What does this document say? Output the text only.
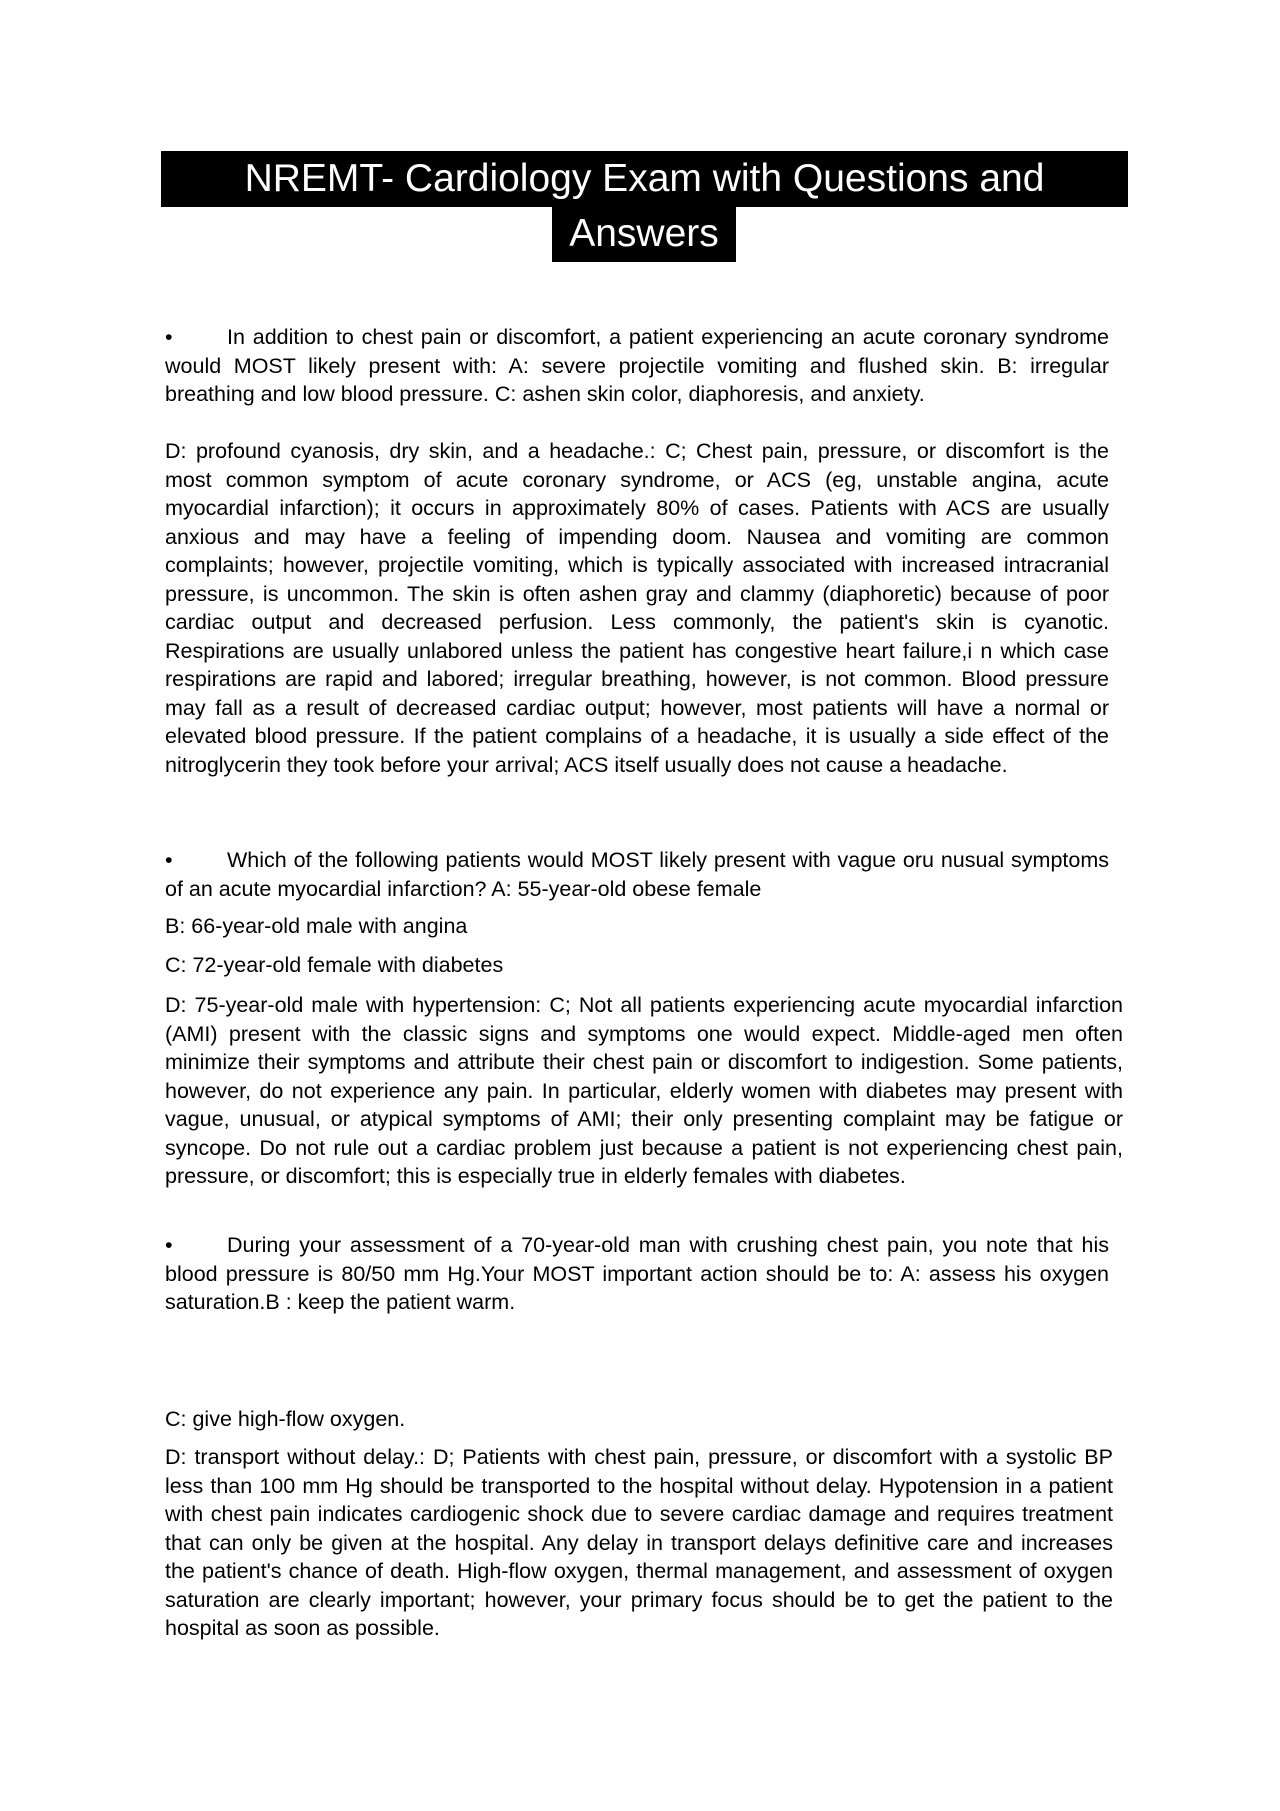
NREMT- Cardiology Exam with Questions and
Answers

•	In addition to chest pain or discomfort, a patient experiencing an acute coronary syndrome would MOST likely present with: A: severe projectile vomiting and flushed skin. B: irregular breathing and low blood pressure. C: ashen skin color, diaphoresis, and anxiety.

D: profound cyanosis, dry skin, and a headache.: C; Chest pain, pressure, or discomfort is the most common symptom of acute coronary syndrome, or ACS (eg, unstable angina, acute myocardial infarction); it occurs in approximately 80% of cases. Patients with ACS are usually anxious and may have a feeling of impending doom. Nausea and vomiting are common complaints; however, projectile vomiting, which is typically associated with increased intracranial pressure, is uncommon. The skin is often ashen gray and clammy (diaphoretic) because of poor cardiac output and decreased perfusion. Less commonly, the patient's skin is cyanotic. Respirations are usually unlabored unless the patient has congestive heart failure,i n which case respirations are rapid and labored; irregular breathing, however, is not common. Blood pressure may fall as a result of decreased cardiac output; however, most patients will have a normal or elevated blood pressure. If the patient complains of a headache, it is usually a side effect of the nitroglycerin they took before your arrival; ACS itself usually does not cause a headache.

•	Which of the following patients would MOST likely present with vague oru nusual symptoms of an acute myocardial infarction? A: 55-year-old obese female

B: 66-year-old male with angina

C: 72-year-old female with diabetes

D: 75-year-old male with hypertension: C; Not all patients experiencing acute myocardial infarction (AMI) present with the classic signs and symptoms one would expect. Middle-aged men often minimize their symptoms and attribute their chest pain or discomfort to indigestion. Some patients, however, do not experience any pain. In particular, elderly women with diabetes may present with vague, unusual, or atypical symptoms of AMI; their only presenting complaint may be fatigue or syncope. Do not rule out a cardiac problem just because a patient is not experiencing chest pain, pressure, or discomfort; this is especially true in elderly females with diabetes.

•	During your assessment of a 70-year-old man with crushing chest pain, you note that his blood pressure is 80/50 mm Hg.Your MOST important action should be to: A: assess his oxygen saturation.B : keep the patient warm.

C: give high-flow oxygen.

D: transport without delay.: D; Patients with chest pain, pressure, or discomfort with a systolic BP less than 100 mm Hg should be transported to the hospital without delay. Hypotension in a patient with chest pain indicates cardiogenic shock due to severe cardiac damage and requires treatment that can only be given at the hospital. Any delay in transport delays definitive care and increases the patient's chance of death. High-flow oxygen, thermal management, and assessment of oxygen saturation are clearly important; however, your primary focus should be to get the patient to the hospital as soon as possible.
